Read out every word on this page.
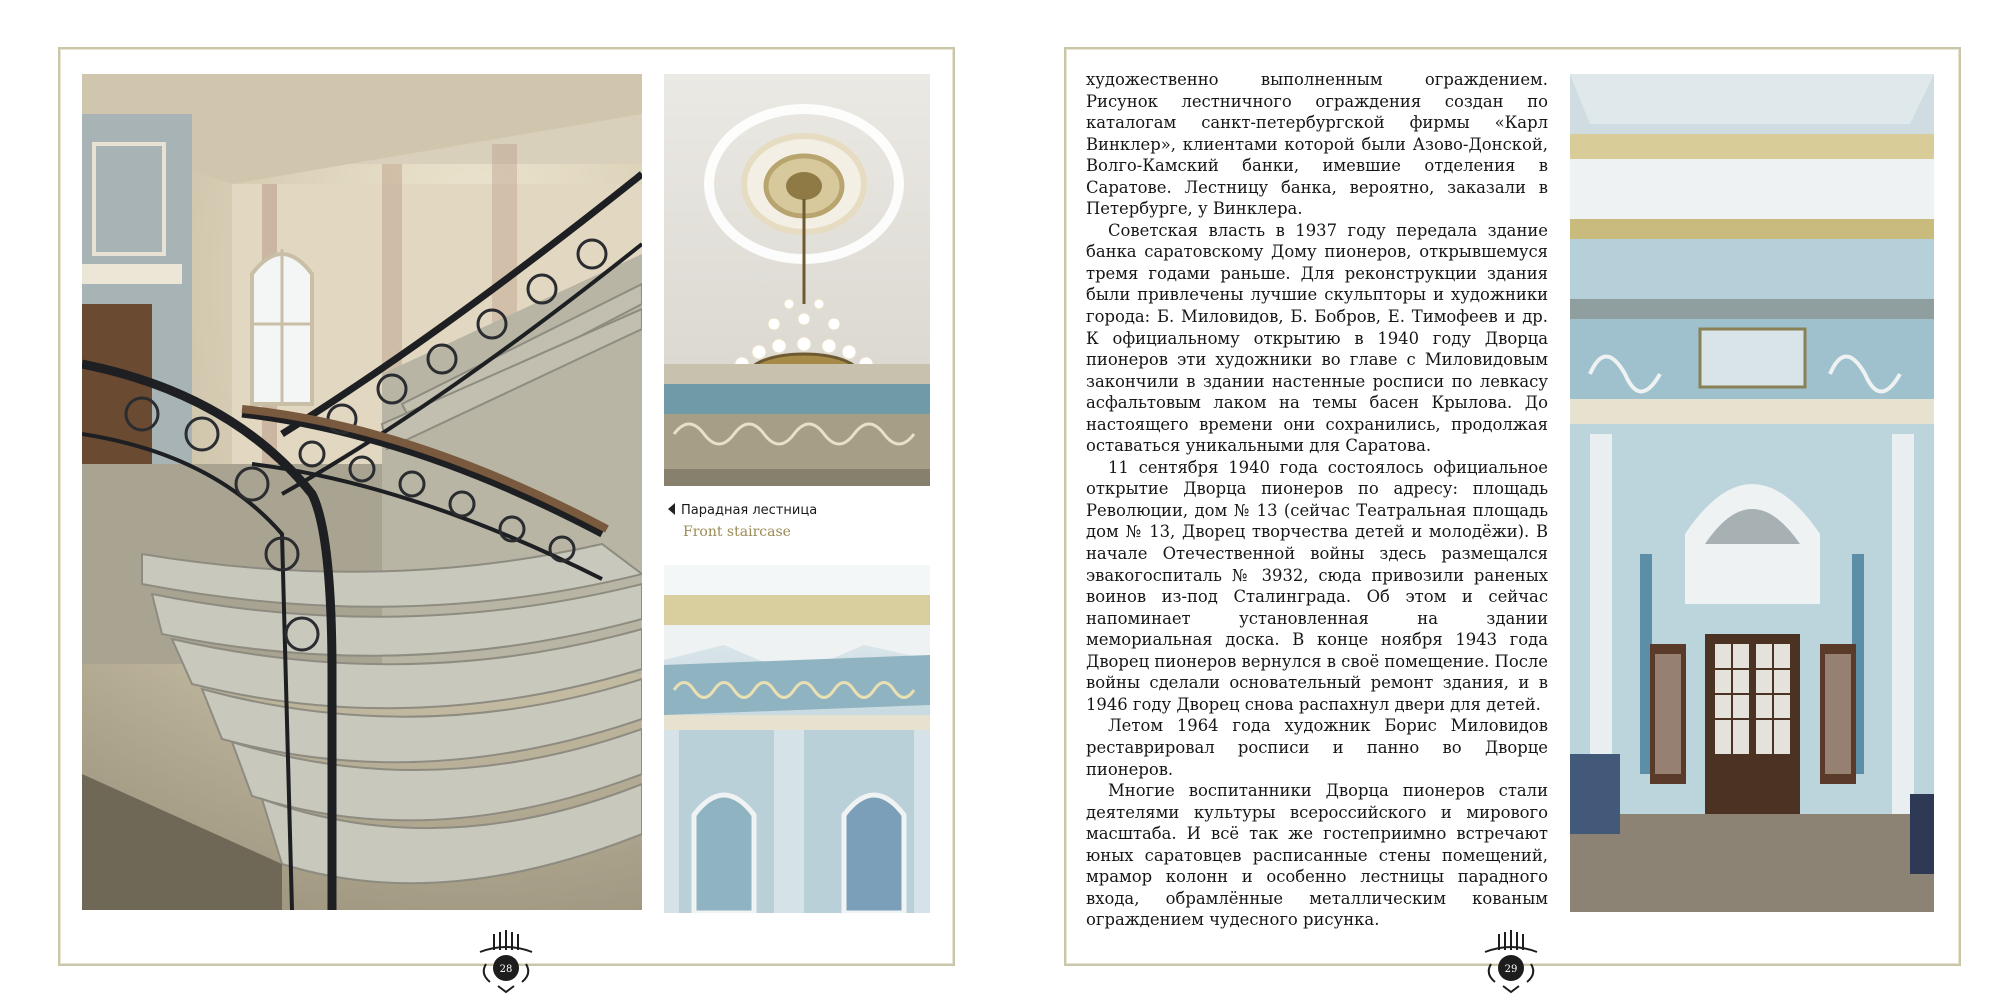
Парадная лестница
Front staircase

художественно выполненным ограждением. Рисунок лестничного ограждения создан по каталогам санкт-петербургской фирмы «Карл Винклер», клиентами которой были Азово-Донской, Волго-Камский банки, имевшие отделения в Саратове. Лестницу банка, вероятно, заказали в Петербурге, у Винклера.

Советская власть в 1937 году передала здание банка саратовскому Дому пионеров, открывшемуся тремя годами раньше. Для реконструкции здания были привлечены лучшие скульпторы и художники города: Б. Миловидов, Б. Бобров, Е. Тимофеев и др. К официальному открытию в 1940 году Дворца пионеров эти художники во главе с Миловидовым закончили в здании настенные росписи по левкасу асфальтовым лаком на темы басен Крылова. До настоящего времени они сохранились, продолжая оставаться уникальными для Саратова.

11 сентября 1940 года состоялось официальное открытие Дворца пионеров по адресу: площадь Революции, дом № 13 (сейчас Театральная площадь дом № 13, Дворец творчества детей и молодёжи). В начале Отечественной войны здесь размещался эвакогоспиталь № 3932, сюда привозили раненых воинов из-под Сталинграда. Об этом и сейчас напоминает установленная на здании мемориальная доска. В конце ноября 1943 года Дворец пионеров вернулся в своё помещение. После войны сделали основательный ремонт здания, и в 1946 году Дворец снова распахнул двери для детей.

Летом 1964 года художник Борис Миловидов реставрировал росписи и панно во Дворце пионеров.

Многие воспитанники Дворца пионеров стали деятелями культуры всероссийского и мирового масштаба. И всё так же гостеприимно встречают юных саратовцев расписанные стены помещений, мрамор колонн и особенно лестницы парадного входа, обрамлённые металлическим кованым ограждением чудесного рисунка.

28	29
